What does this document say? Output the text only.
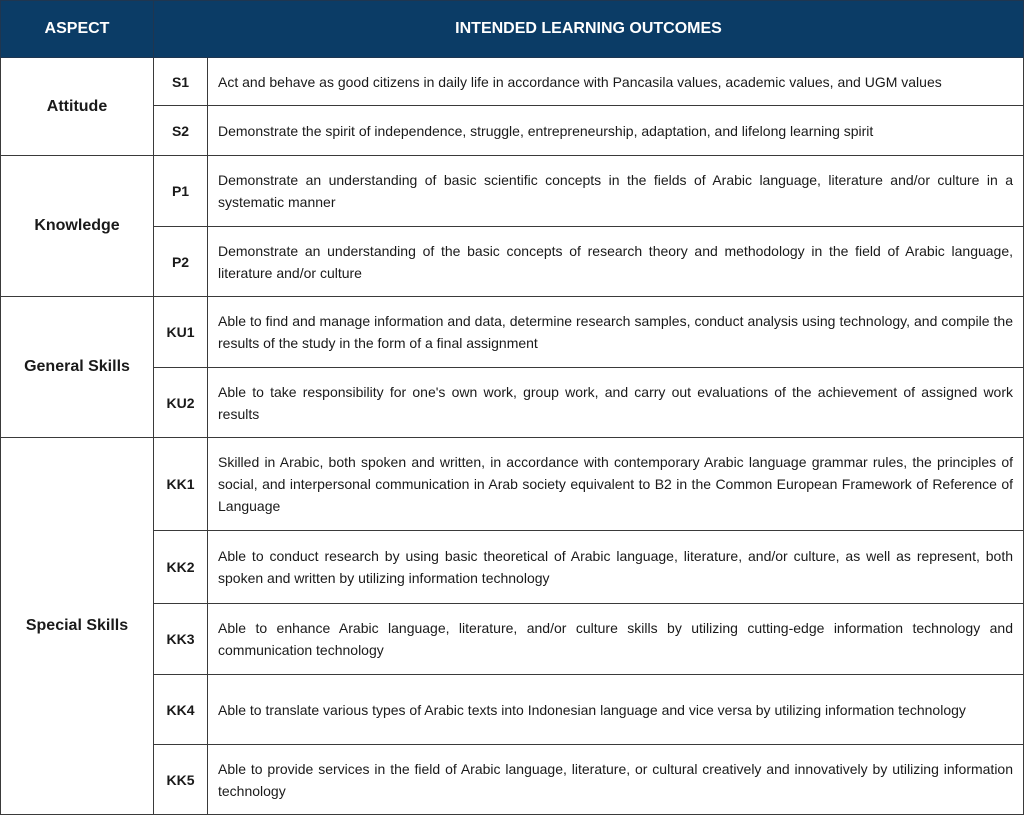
ASPECT	INTENDED LEARNING OUTCOMES	
Attitude	S1	Act and behave as good citizens in daily life in accordance with Pancasila values, academic values, and UGM values
	S2	Demonstrate the spirit of independence, struggle, entrepreneurship, adaptation, and lifelong learning spirit
Knowledge	P1	Demonstrate an understanding of basic scientific concepts in the fields of Arabic language, literature and/or culture in a systematic manner
	P2	Demonstrate an understanding of the basic concepts of research theory and methodology in the field of Arabic language, literature and/or culture
General Skills	KU1	Able to find and manage information and data, determine research samples, conduct analysis using technology, and compile the results of the study in the form of a final assignment
	KU2	Able to take responsibility for one's own work, group work, and carry out evaluations of the achievement of assigned work results
Special Skills	KK1	Skilled in Arabic, both spoken and written, in accordance with contemporary Arabic language grammar rules, the principles of social, and interpersonal communication in Arab society equivalent to B2 in the Common European Framework of Reference of Language
	KK2	Able to conduct research by using basic theoretical of Arabic language, literature, and/or culture, as well as represent, both spoken and written by utilizing information technology
	KK3	Able to enhance Arabic language, literature, and/or culture skills by utilizing cutting-edge information technology and communication technology
	KK4	Able to translate various types of Arabic texts into Indonesian language and vice versa by utilizing information technology
	KK5	Able to provide services in the field of Arabic language, literature, or cultural creatively and innovatively by utilizing information technology
